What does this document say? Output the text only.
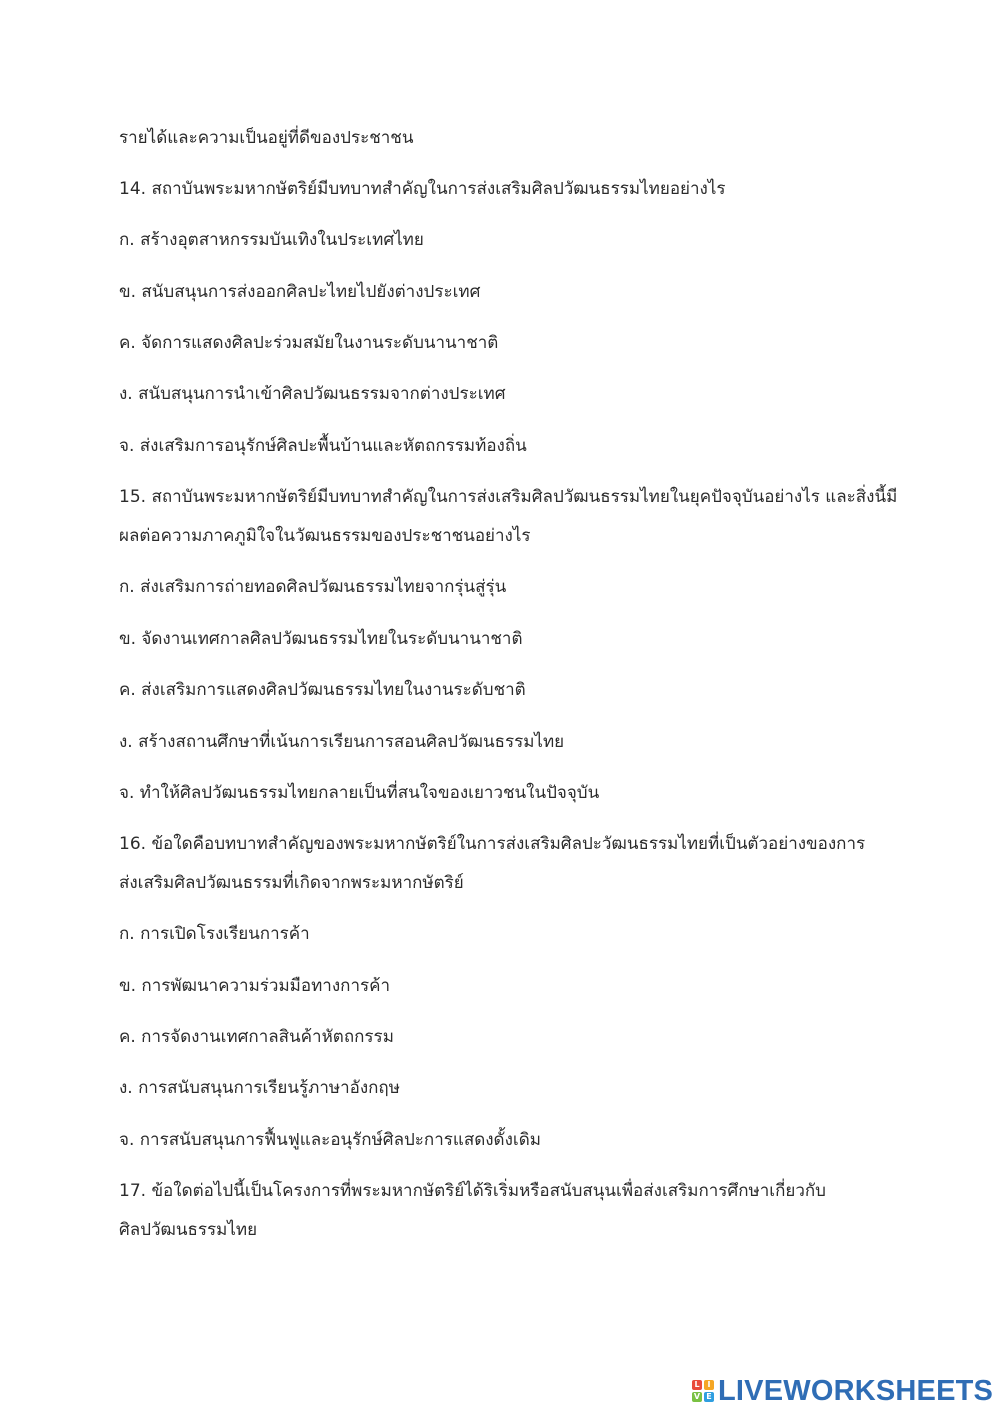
รายได้และความเป็นอยู่ที่ดีของประชาชน
14. สถาบันพระมหากษัตริย์มีบทบาทสำคัญในการส่งเสริมศิลปวัฒนธรรมไทยอย่างไร
ก. สร้างอุตสาหกรรมบันเทิงในประเทศไทย
ข. สนับสนุนการส่งออกศิลปะไทยไปยังต่างประเทศ
ค. จัดการแสดงศิลปะร่วมสมัยในงานระดับนานาชาติ
ง. สนับสนุนการนำเข้าศิลปวัฒนธรรมจากต่างประเทศ
จ. ส่งเสริมการอนุรักษ์ศิลปะพื้นบ้านและหัตถกรรมท้องถิ่น
15. สถาบันพระมหากษัตริย์มีบทบาทสำคัญในการส่งเสริมศิลปวัฒนธรรมไทยในยุคปัจจุบันอย่างไร และสิ่งนี้มี
ผลต่อความภาคภูมิใจในวัฒนธรรมของประชาชนอย่างไร
ก. ส่งเสริมการถ่ายทอดศิลปวัฒนธรรมไทยจากรุ่นสู่รุ่น
ข. จัดงานเทศกาลศิลปวัฒนธรรมไทยในระดับนานาชาติ
ค. ส่งเสริมการแสดงศิลปวัฒนธรรมไทยในงานระดับชาติ
ง. สร้างสถานศึกษาที่เน้นการเรียนการสอนศิลปวัฒนธรรมไทย
จ. ทำให้ศิลปวัฒนธรรมไทยกลายเป็นที่สนใจของเยาวชนในปัจจุบัน
16. ข้อใดคือบทบาทสำคัญของพระมหากษัตริย์ในการส่งเสริมศิลปะวัฒนธรรมไทยที่เป็นตัวอย่างของการ
ส่งเสริมศิลปวัฒนธรรมที่เกิดจากพระมหากษัตริย์
ก. การเปิดโรงเรียนการค้า
ข. การพัฒนาความร่วมมือทางการค้า
ค. การจัดงานเทศกาลสินค้าหัตถกรรม
ง. การสนับสนุนการเรียนรู้ภาษาอังกฤษ
จ. การสนับสนุนการฟื้นฟูและอนุรักษ์ศิลปะการแสดงดั้งเดิม
17. ข้อใดต่อไปนี้เป็นโครงการที่พระมหากษัตริย์ได้ริเริ่มหรือสนับสนุนเพื่อส่งเสริมการศึกษาเกี่ยวกับ
ศิลปวัฒนธรรมไทย
L I
V E LIVEWORKSHEETS
